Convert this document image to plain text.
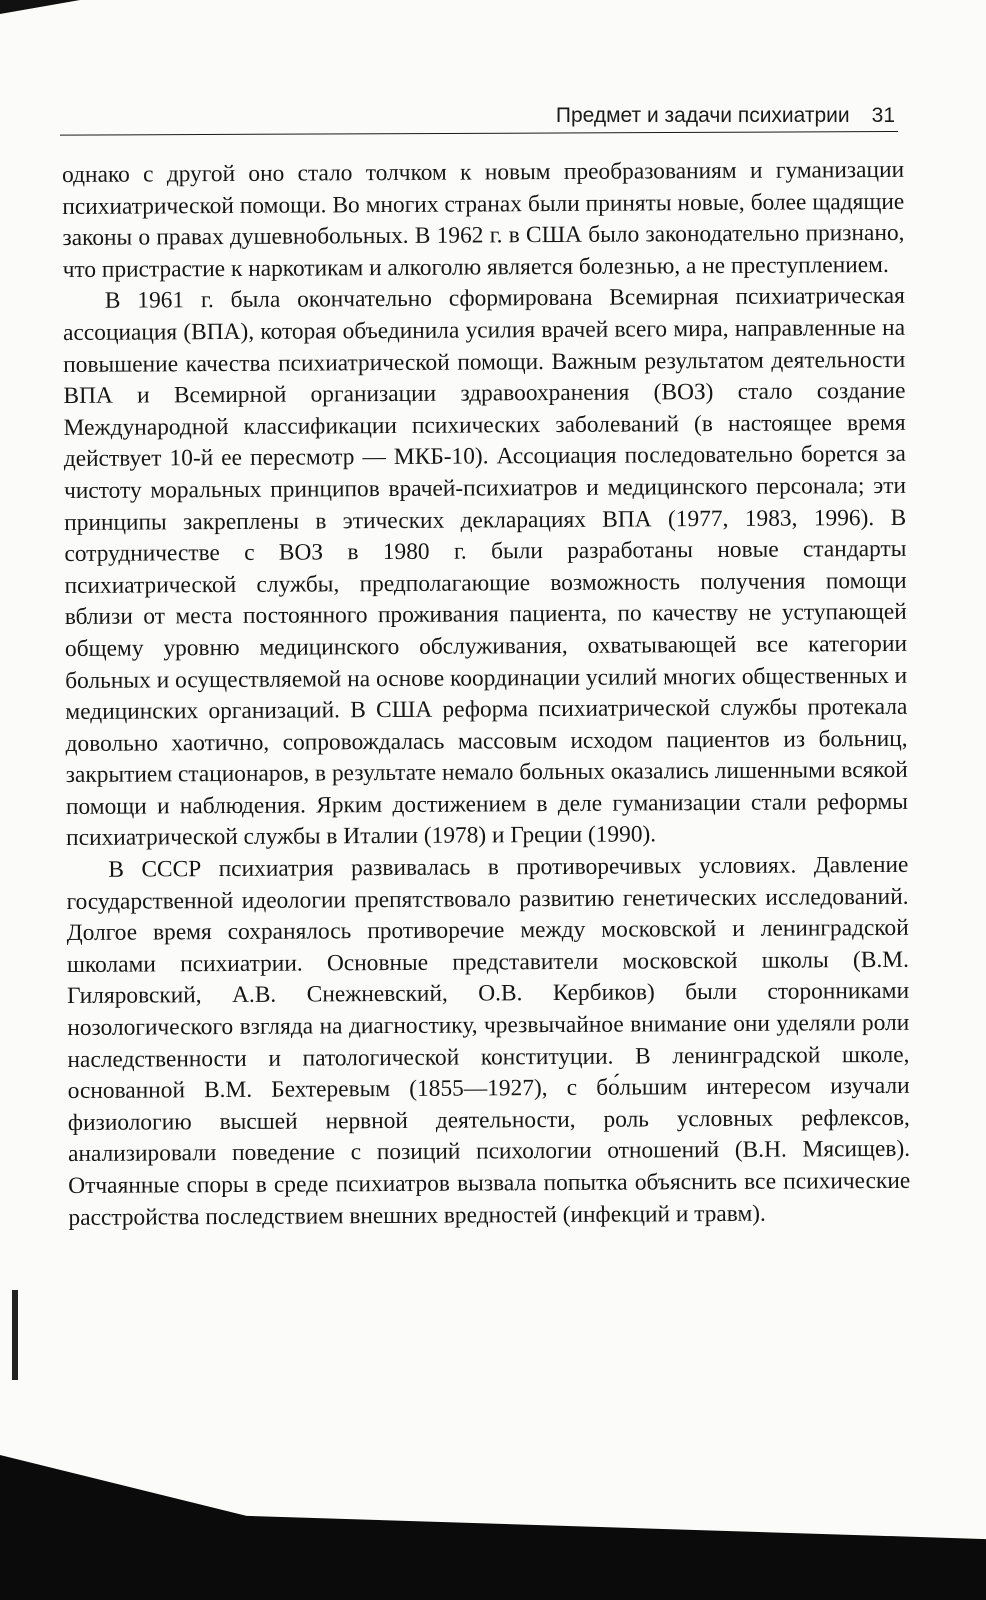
Предмет и задачи психиатрии 31

однако с другой оно стало толчком к новым преобразованиям и гуманизации психиатрической помощи. Во многих странах были приняты новые, более щадящие законы о правах душевнобольных. В 1962 г. в США было законодательно признано, что пристрастие к наркотикам и алкоголю является болезнью, а не преступлением.

В 1961 г. была окончательно сформирована Всемирная психиатрическая ассоциация (ВПА), которая объединила усилия врачей всего мира, направленные на повышение качества психиатрической помощи. Важным результатом деятельности ВПА и Всемирной организации здравоохранения (ВОЗ) стало создание Международной классификации психических заболеваний (в настоящее время действует 10-й ее пересмотр — МКБ-10). Ассоциация последовательно борется за чистоту моральных принципов врачей-психиатров и медицинского персонала; эти принципы закреплены в этических декларациях ВПА (1977, 1983, 1996). В сотрудничестве с ВОЗ в 1980 г. были разработаны новые стандарты психиатрической службы, предполагающие возможность получения помощи вблизи от места постоянного проживания пациента, по качеству не уступающей общему уровню медицинского обслуживания, охватывающей все категории больных и осуществляемой на основе координации усилий многих общественных и медицинских организаций. В США реформа психиатрической службы протекала довольно хаотично, сопровождалась массовым исходом пациентов из больниц, закрытием стационаров, в результате немало больных оказались лишенными всякой помощи и наблюдения. Ярким достижением в деле гуманизации стали реформы психиатрической службы в Италии (1978) и Греции (1990).

В СССР психиатрия развивалась в противоречивых условиях. Давление государственной идеологии препятствовало развитию генетических исследований. Долгое время сохранялось противоречие между московской и ленинградской школами психиатрии. Основные представители московской школы (В.М. Гиляровский, А.В. Снежневский, О.В. Кербиков) были сторонниками нозологического взгляда на диагностику, чрезвычайное внимание они уделяли роли наследственности и патологической конституции. В ленинградской школе, основанной В.М. Бехтеревым (1855—1927), с бо́льшим интересом изучали физиологию высшей нервной деятельности, роль условных рефлексов, анализировали поведение с позиций психологии отношений (В.Н. Мясищев). Отчаянные споры в среде психиатров вызвала попытка объяснить все психические расстройства последствием внешних вредностей (инфекций и травм).
